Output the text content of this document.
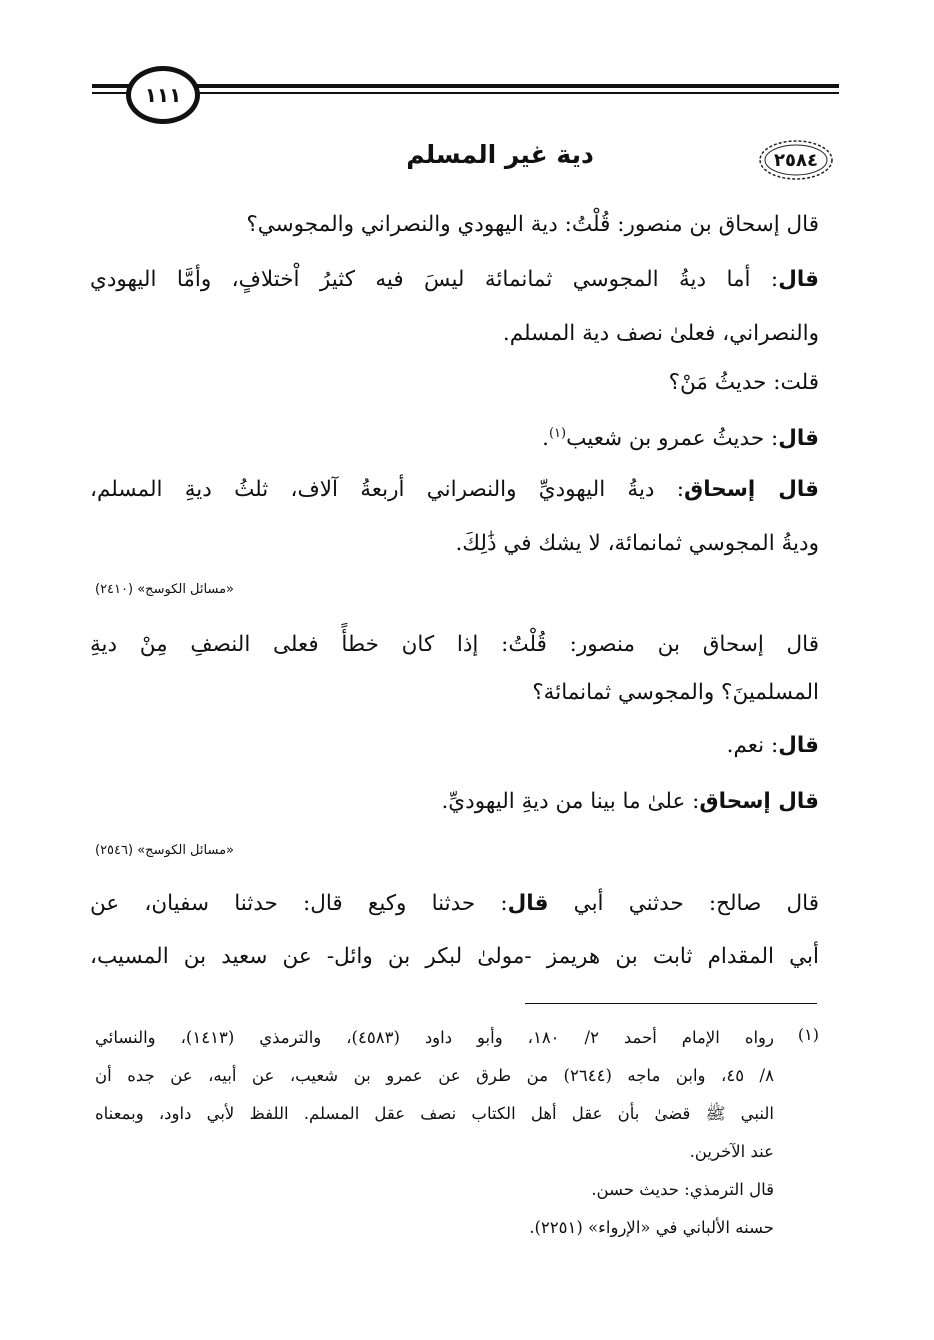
١١١
٢٥٨٤
دية غير المسلم
قال إسحاق بن منصور: قُلْتُ: دية اليهودي والنصراني والمجوسي؟
قال: أما ديةُ المجوسي ثمانمائة ليسَ فيه كثيرُ اْختلافٍ، وأمَّا اليهودي
والنصراني، فعلىٰ نصف دية المسلم.
قلت: حديثُ مَنْ؟
قال: حديثُ عمرو بن شعيب$^{(١)}$.
قال إسحاق: ديةُ اليهوديِّ والنصراني أربعةُ آلاف، ثلثُ ديةِ المسلم،
وديةُ المجوسي ثمانمائة، لا يشك في ذَٰلِكَ.
«مسائل الكوسج» (٢٤١٠)
قال إسحاق بن منصور: قُلْتُ: إذا كان خطأً فعلى النصفِ مِنْ ديةِ
المسلمينَ؟ والمجوسي ثمانمائة؟
قال: نعم.
قال إسحاق: علىٰ ما بينا من ديةِ اليهوديِّ.
«مسائل الكوسج» (٢٥٤٦)
قال صالح: حدثني أبي قال: حدثنا وكيع قال: حدثنا سفيان، عن
أبي المقدام ثابت بن هريمز -مولىٰ لبكر بن وائل- عن سعيد بن المسيب،
(١)
رواه الإمام أحمد ٢/ ١٨٠، وأبو داود (٤٥٨٣)، والترمذي (١٤١٣)، والنسائي
٨/ ٤٥، وابن ماجه (٢٦٤٤) من طرق عن عمرو بن شعيب، عن أبيه، عن جده أن
النبي ﷺ قضىٰ بأن عقل أهل الكتاب نصف عقل المسلم. اللفظ لأبي داود، وبمعناه
عند الآخرين.
قال الترمذي: حديث حسن.
حسنه الألباني في «الإرواء» (٢٢٥١).
